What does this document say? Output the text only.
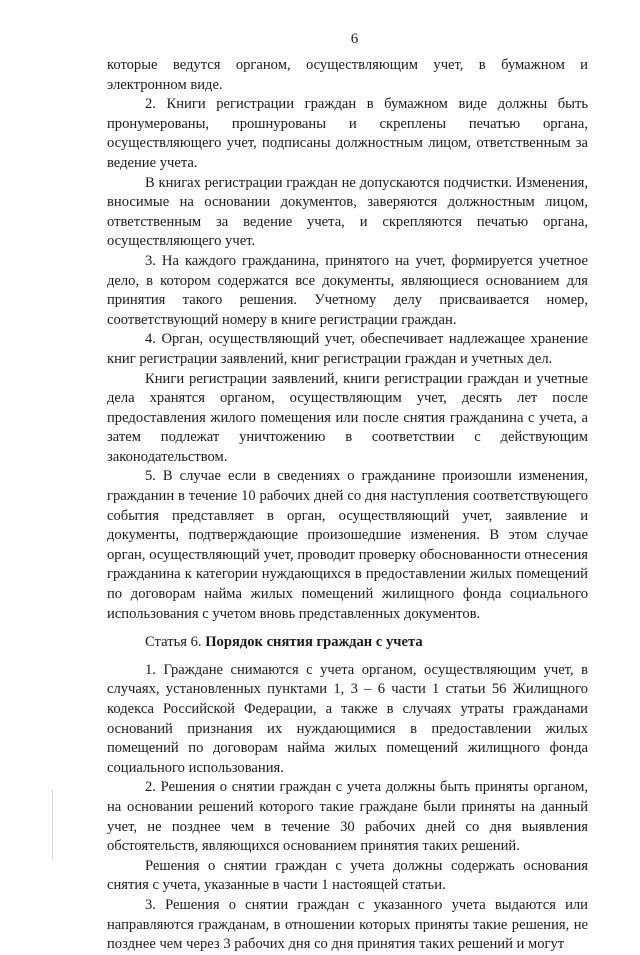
6

которые ведутся органом, осуществляющим учет, в бумажном и электронном виде.

2. Книги регистрации граждан в бумажном виде должны быть пронумерованы, прошнурованы и скреплены печатью органа, осуществляющего учет, подписаны должностным лицом, ответственным за ведение учета.

В книгах регистрации граждан не допускаются подчистки. Изменения, вносимые на основании документов, заверяются должностным лицом, ответственным за ведение учета, и скрепляются печатью органа, осуществляющего учет.

3. На каждого гражданина, принятого на учет, формируется учетное дело, в котором содержатся все документы, являющиеся основанием для принятия такого решения. Учетному делу присваивается номер, соответствующий номеру в книге регистрации граждан.

4. Орган, осуществляющий учет, обеспечивает надлежащее хранение книг регистрации заявлений, книг регистрации граждан и учетных дел.

Книги регистрации заявлений, книги регистрации граждан и учетные дела хранятся органом, осуществляющим учет, десять лет после предоставления жилого помещения или после снятия гражданина с учета, а затем подлежат уничтожению в соответствии с действующим законодательством.

5. В случае если в сведениях о гражданине произошли изменения, гражданин в течение 10 рабочих дней со дня наступления соответствующего события представляет в орган, осуществляющий учет, заявление и документы, подтверждающие произошедшие изменения. В этом случае орган, осуществляющий учет, проводит проверку обоснованности отнесения гражданина к категории нуждающихся в предоставлении жилых помещений по договорам найма жилых помещений жилищного фонда социального использования с учетом вновь представленных документов.

Статья 6. Порядок снятия граждан с учета

1. Граждане снимаются с учета органом, осуществляющим учет, в случаях, установленных пунктами 1, 3 – 6 части 1 статьи 56 Жилищного кодекса Российской Федерации, а также в случаях утраты гражданами оснований признания их нуждающимися в предоставлении жилых помещений по договорам найма жилых помещений жилищного фонда социального использования.

2. Решения о снятии граждан с учета должны быть приняты органом, на основании решений которого такие граждане были приняты на данный учет, не позднее чем в течение 30 рабочих дней со дня выявления обстоятельств, являющихся основанием принятия таких решений.

Решения о снятии граждан с учета должны содержать основания снятия с учета, указанные в части 1 настоящей статьи.

3. Решения о снятии граждан с указанного учета выдаются или направляются гражданам, в отношении которых приняты такие решения, не позднее чем через 3 рабочих дня со дня принятия таких решений и могут
